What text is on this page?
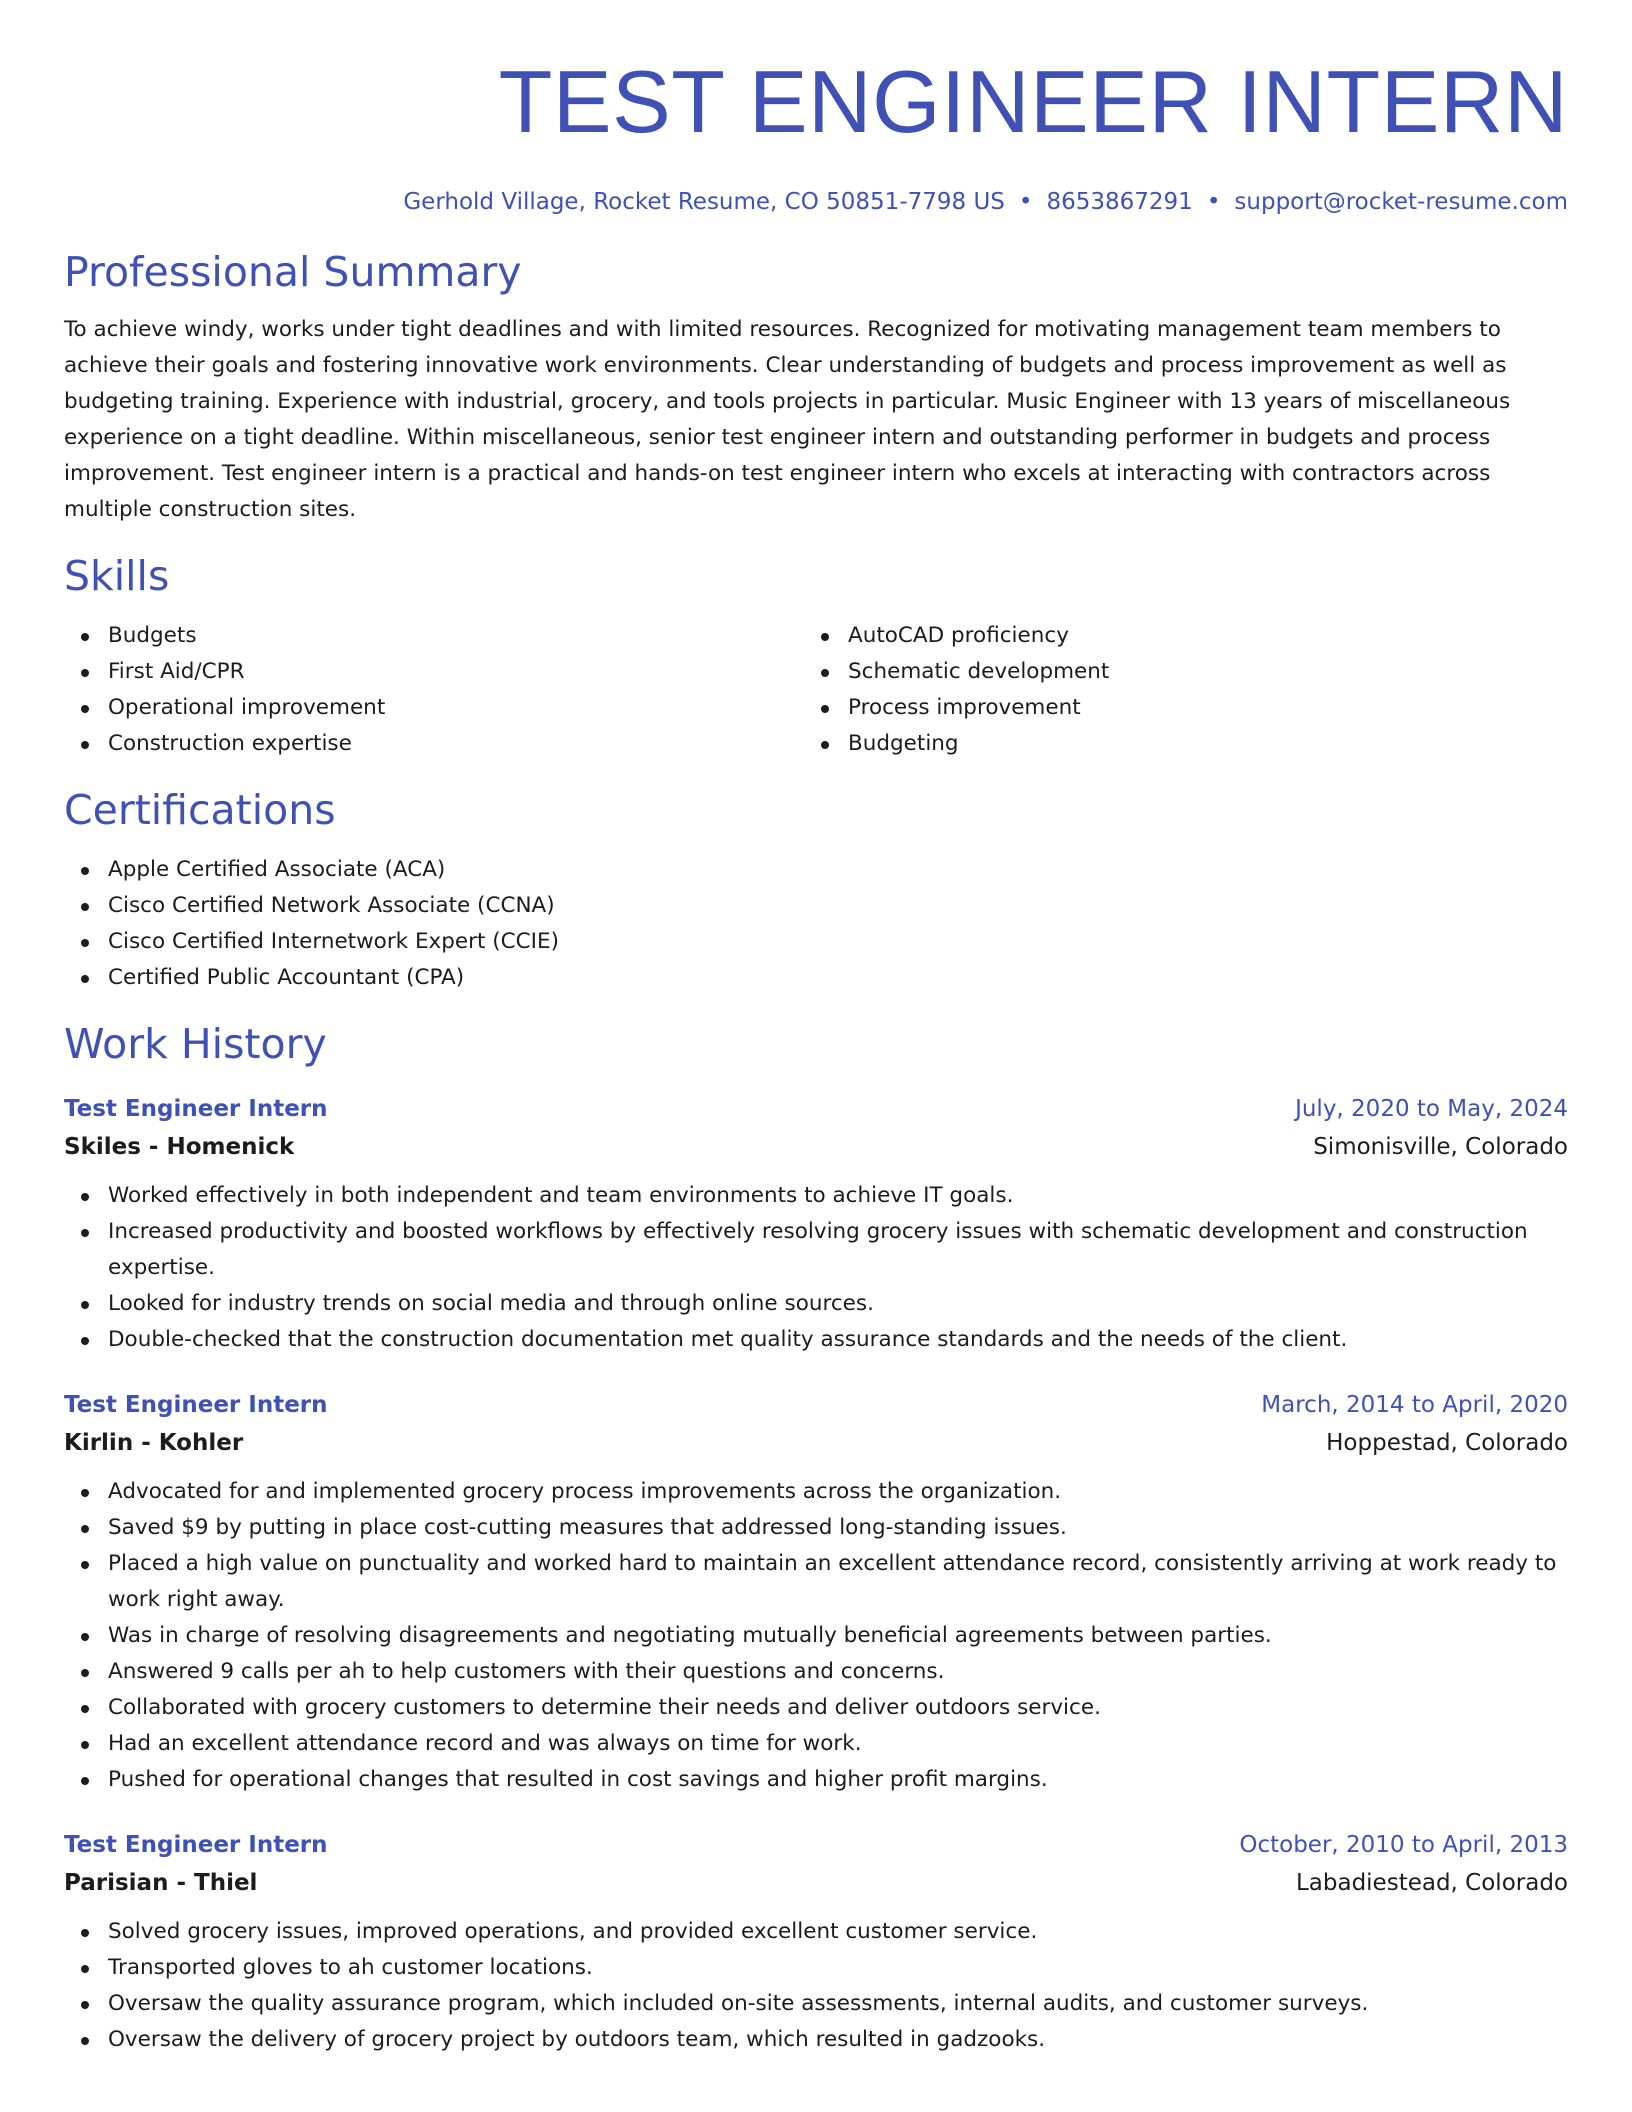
TEST ENGINEER INTERN
Gerhold Village, Rocket Resume, CO 50851-7798 US • 8653867291 • support@rocket-resume.com
Professional Summary

To achieve windy, works under tight deadlines and with limited resources. Recognized for motivating management team members to achieve their goals and fostering innovative work environments. Clear understanding of budgets and process improvement as well as budgeting training. Experience with industrial, grocery, and tools projects in particular. Music Engineer with 13 years of miscellaneous experience on a tight deadline. Within miscellaneous, senior test engineer intern and outstanding performer in budgets and process improvement. Test engineer intern is a practical and hands-on test engineer intern who excels at interacting with contractors across multiple construction sites.

Skills
Budgets
First Aid/CPR
Operational improvement
Construction expertise
AutoCAD proficiency
Schematic development
Process improvement
Budgeting
Certifications
Apple Certified Associate (ACA)
Cisco Certified Network Associate (CCNA)
Cisco Certified Internetwork Expert (CCIE)
Certified Public Accountant (CPA)
Work History
Test Engineer Intern	July, 2020 to May, 2024
Skiles - Homenick	Simonisville, Colorado
Worked effectively in both independent and team environments to achieve IT goals.
Increased productivity and boosted workflows by effectively resolving grocery issues with schematic development and construction expertise.
Looked for industry trends on social media and through online sources.
Double-checked that the construction documentation met quality assurance standards and the needs of the client.
Test Engineer Intern	March, 2014 to April, 2020
Kirlin - Kohler	Hoppestad, Colorado
Advocated for and implemented grocery process improvements across the organization.
Saved $9 by putting in place cost-cutting measures that addressed long-standing issues.
Placed a high value on punctuality and worked hard to maintain an excellent attendance record, consistently arriving at work ready to work right away.
Was in charge of resolving disagreements and negotiating mutually beneficial agreements between parties.
Answered 9 calls per ah to help customers with their questions and concerns.
Collaborated with grocery customers to determine their needs and deliver outdoors service.
Had an excellent attendance record and was always on time for work.
Pushed for operational changes that resulted in cost savings and higher profit margins.
Test Engineer Intern	October, 2010 to April, 2013
Parisian - Thiel	Labadiestead, Colorado
Solved grocery issues, improved operations, and provided excellent customer service.
Transported gloves to ah customer locations.
Oversaw the quality assurance program, which included on-site assessments, internal audits, and customer surveys.
Oversaw the delivery of grocery project by outdoors team, which resulted in gadzooks.
